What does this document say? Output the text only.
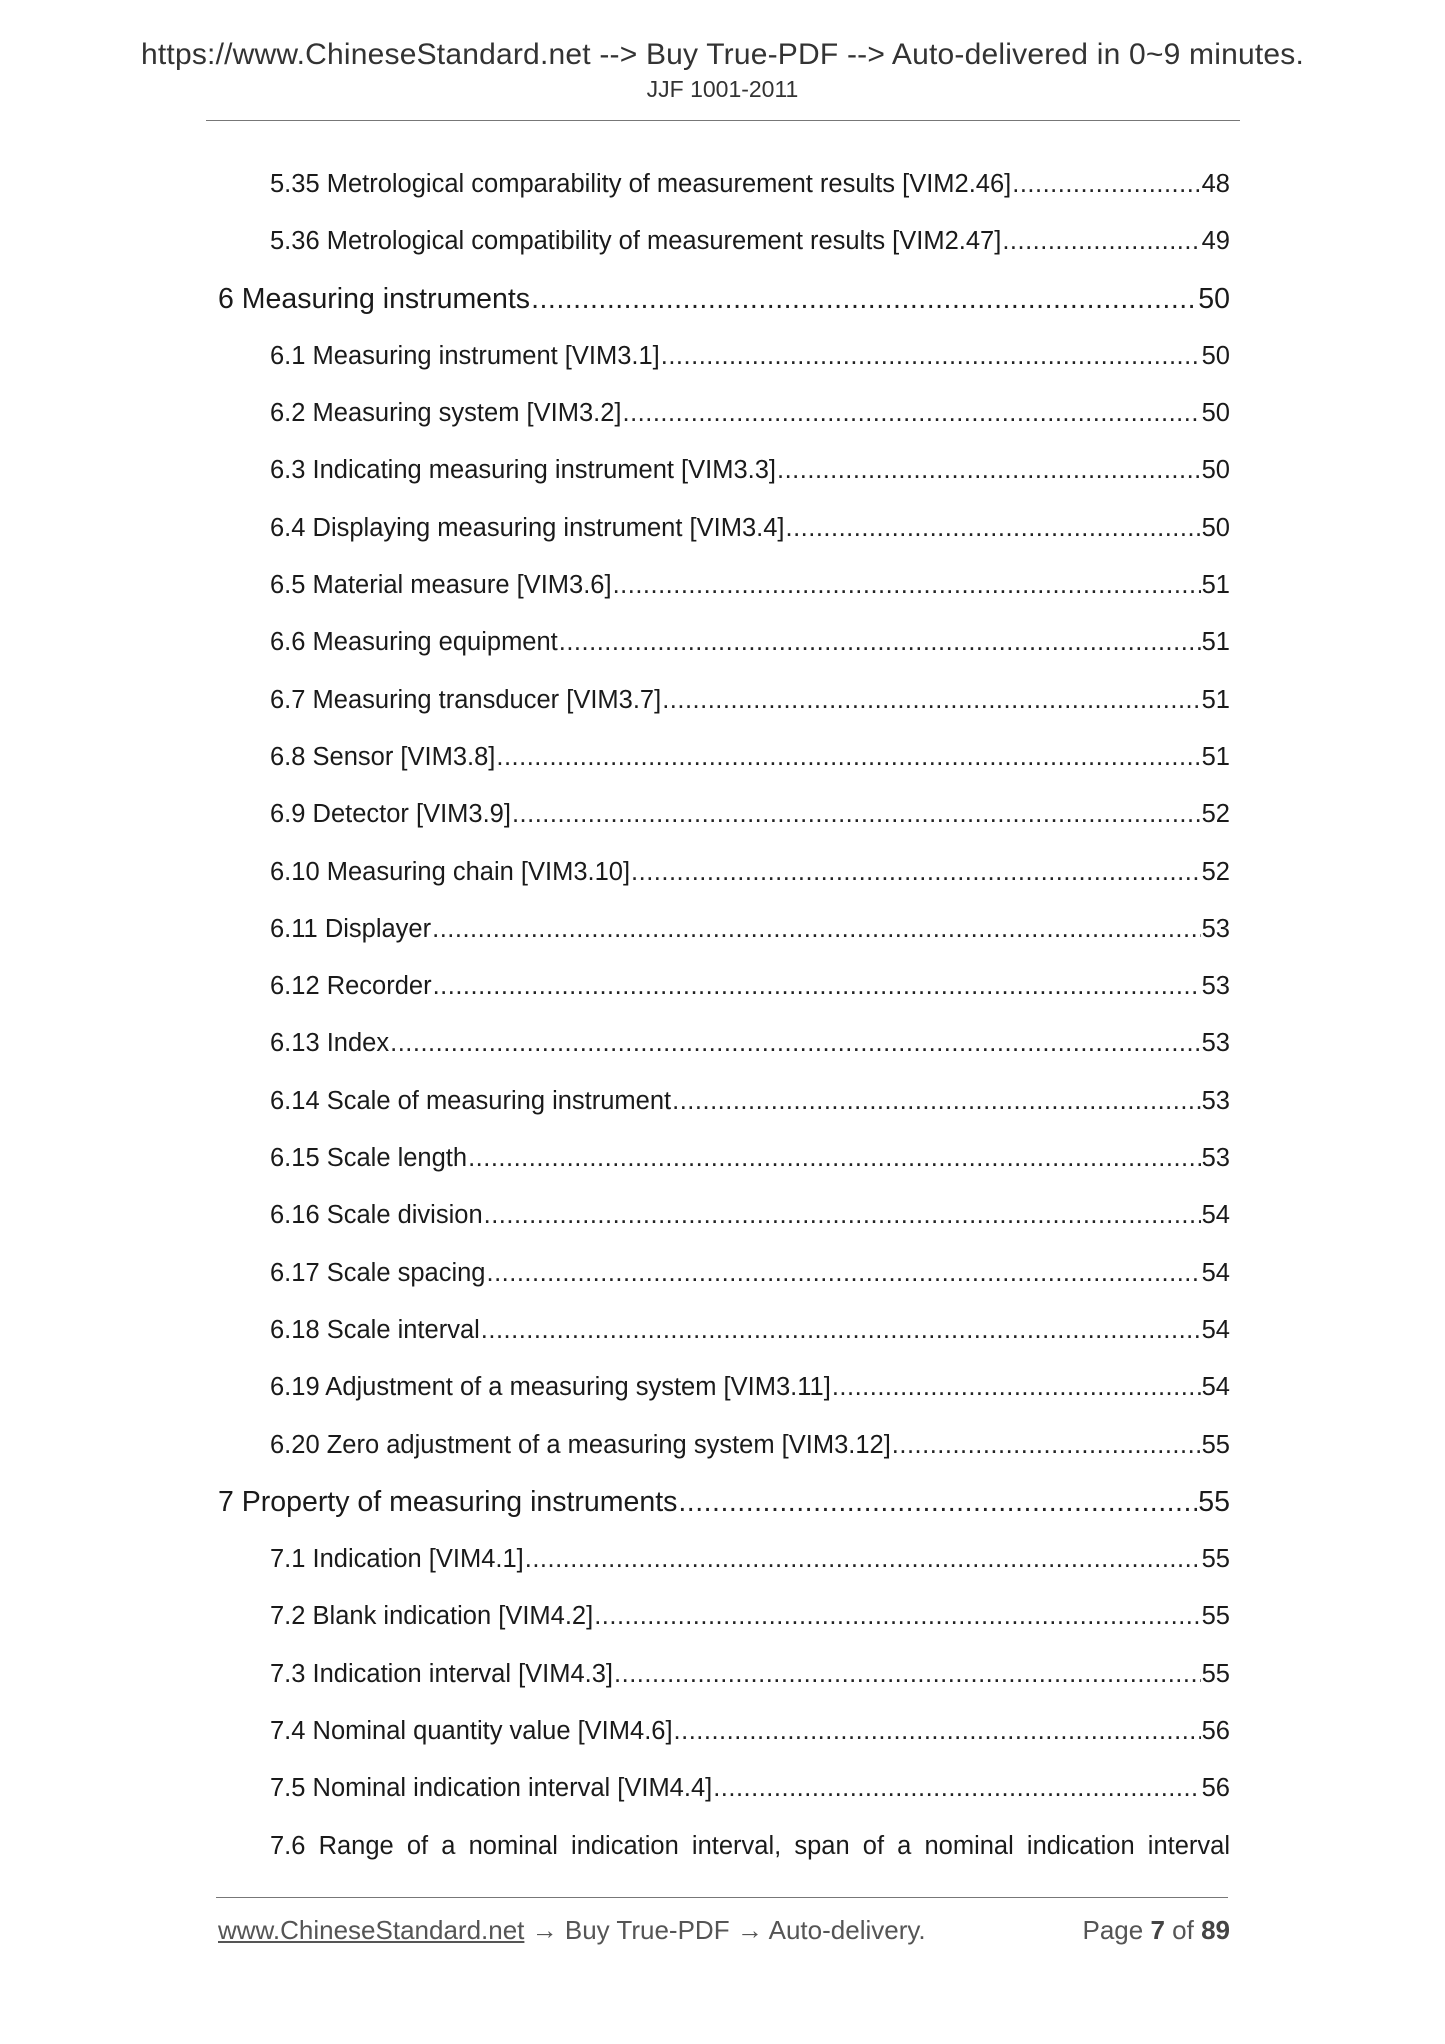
https://www.ChineseStandard.net --> Buy True-PDF --> Auto-delivered in 0~9 minutes.
JJF 1001-2011
5.35 Metrological comparability of measurement results [VIM2.46] .....	48
5.36 Metrological compatibility of measurement results [VIM2.47] .....	49
6 Measuring instruments .....	50
6.1 Measuring instrument [VIM3.1] .....	50
6.2 Measuring system [VIM3.2] .....	50
6.3 Indicating measuring instrument [VIM3.3] .....	50
6.4 Displaying measuring instrument [VIM3.4] .....	50
6.5 Material measure [VIM3.6] .....	51
6.6 Measuring equipment .....	51
6.7 Measuring transducer [VIM3.7] .....	51
6.8 Sensor [VIM3.8] .....	51
6.9 Detector [VIM3.9] .....	52
6.10 Measuring chain [VIM3.10] .....	52
6.11 Displayer .....	53
6.12 Recorder .....	53
6.13 Index .....	53
6.14 Scale of measuring instrument .....	53
6.15 Scale length .....	53
6.16 Scale division .....	54
6.17 Scale spacing .....	54
6.18 Scale interval .....	54
6.19 Adjustment of a measuring system [VIM3.11] .....	54
6.20 Zero adjustment of a measuring system [VIM3.12] .....	55
7 Property of measuring instruments .....	55
7.1 Indication [VIM4.1] .....	55
7.2 Blank indication [VIM4.2] .....	55
7.3 Indication interval [VIM4.3] .....	55
7.4 Nominal quantity value [VIM4.6] .....	56
7.5 Nominal indication interval [VIM4.4] .....	56
7.6 Range of a nominal indication interval, span of a nominal indication interval
www.ChineseStandard.net → Buy True-PDF → Auto-delivery.	Page 7 of 89
